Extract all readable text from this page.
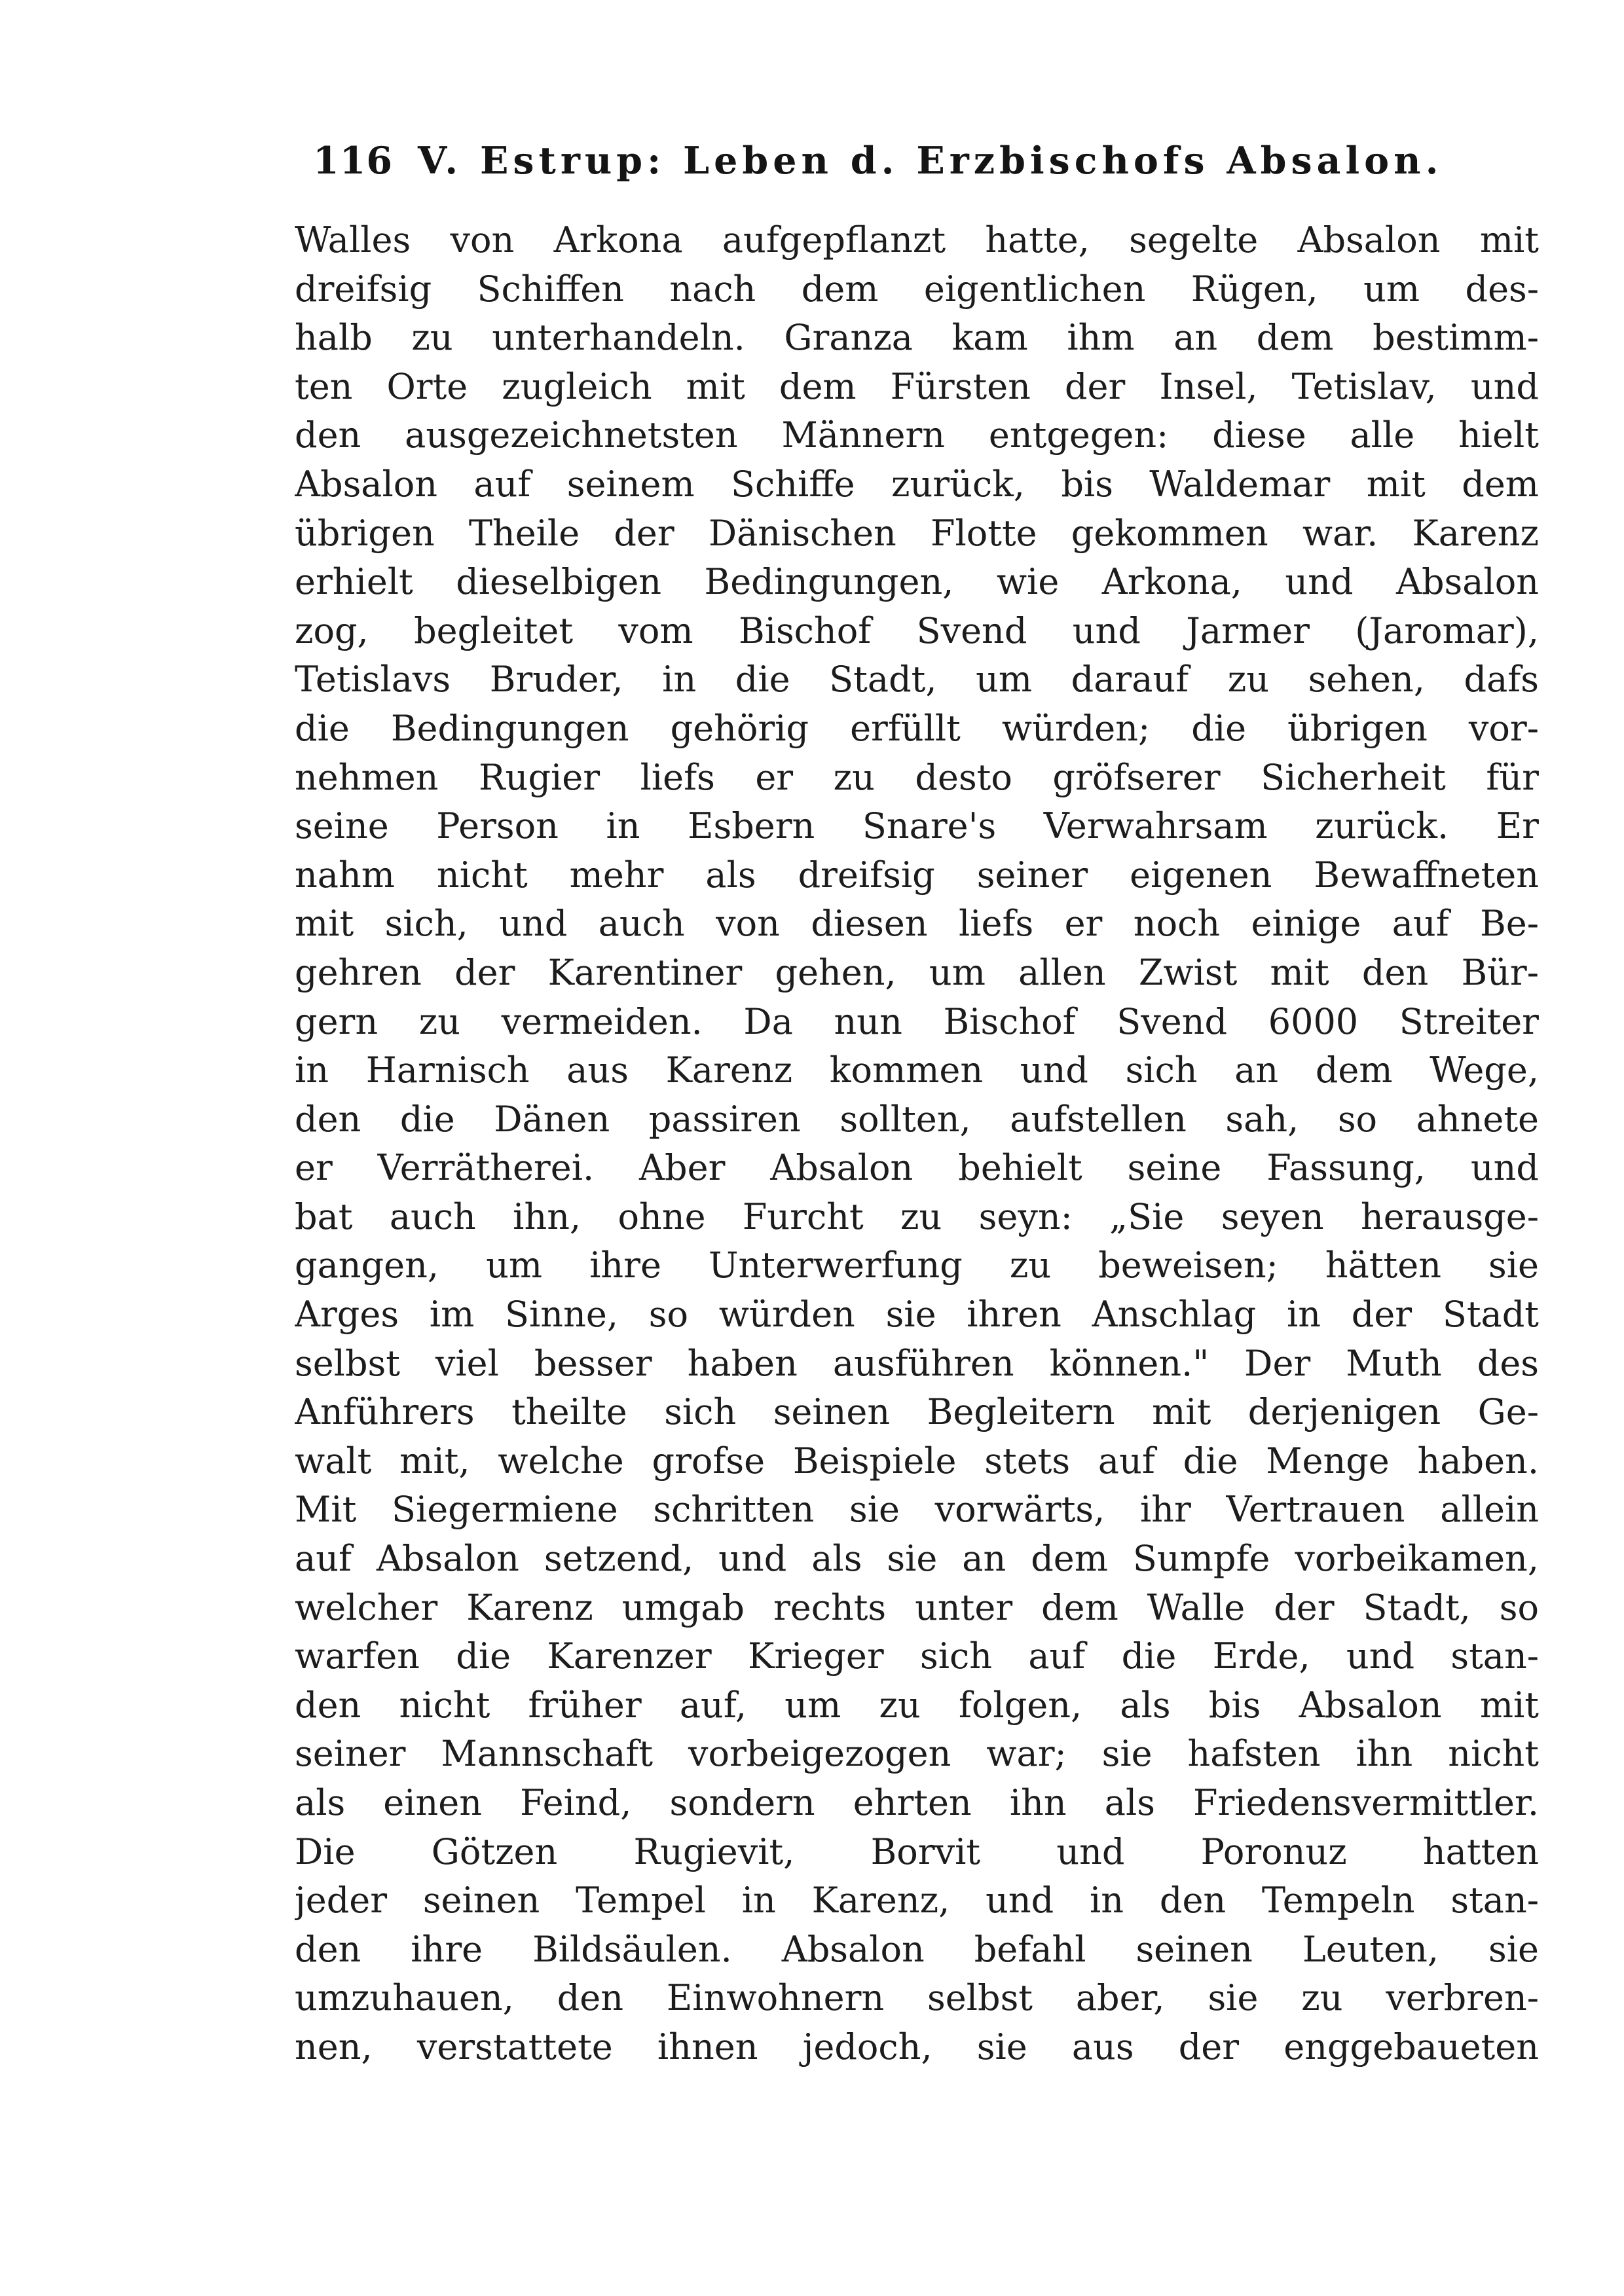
116 V. Estrup: Leben d. Erzbischofs Absalon.
Walles von Arkona aufgepflanzt hatte, segelte Absalon mit
dreifsig Schiffen nach dem eigentlichen Rügen, um des-
halb zu unterhandeln. Granza kam ihm an dem bestimm-
ten Orte zugleich mit dem Fürsten der Insel, Tetislav, und
den ausgezeichnetsten Männern entgegen: diese alle hielt
Absalon auf seinem Schiffe zurück, bis Waldemar mit dem
übrigen Theile der Dänischen Flotte gekommen war. Karenz
erhielt dieselbigen Bedingungen, wie Arkona, und Absalon
zog, begleitet vom Bischof Svend und Jarmer (Jaromar),
Tetislavs Bruder, in die Stadt, um darauf zu sehen, dafs
die Bedingungen gehörig erfüllt würden; die übrigen vor-
nehmen Rugier liefs er zu desto gröfserer Sicherheit für
seine Person in Esbern Snare's Verwahrsam zurück. Er
nahm nicht mehr als dreifsig seiner eigenen Bewaffneten
mit sich, und auch von diesen liefs er noch einige auf Be-
gehren der Karentiner gehen, um allen Zwist mit den Bür-
gern zu vermeiden. Da nun Bischof Svend 6000 Streiter
in Harnisch aus Karenz kommen und sich an dem Wege,
den die Dänen passiren sollten, aufstellen sah, so ahnete
er Verrätherei. Aber Absalon behielt seine Fassung, und
bat auch ihn, ohne Furcht zu seyn: „Sie seyen herausge-
gangen, um ihre Unterwerfung zu beweisen; hätten sie
Arges im Sinne, so würden sie ihren Anschlag in der Stadt
selbst viel besser haben ausführen können." Der Muth des
Anführers theilte sich seinen Begleitern mit derjenigen Ge-
walt mit, welche grofse Beispiele stets auf die Menge haben.
Mit Siegermiene schritten sie vorwärts, ihr Vertrauen allein
auf Absalon setzend, und als sie an dem Sumpfe vorbeikamen,
welcher Karenz umgab rechts unter dem Walle der Stadt, so
warfen die Karenzer Krieger sich auf die Erde, und stan-
den nicht früher auf, um zu folgen, als bis Absalon mit
seiner Mannschaft vorbeigezogen war; sie hafsten ihn nicht
als einen Feind, sondern ehrten ihn als Friedensvermittler.
Die Götzen Rugievit, Borvit und Poronuz hatten
jeder seinen Tempel in Karenz, und in den Tempeln stan-
den ihre Bildsäulen. Absalon befahl seinen Leuten, sie
umzuhauen, den Einwohnern selbst aber, sie zu verbren-
nen, verstattete ihnen jedoch, sie aus der enggebaueten
